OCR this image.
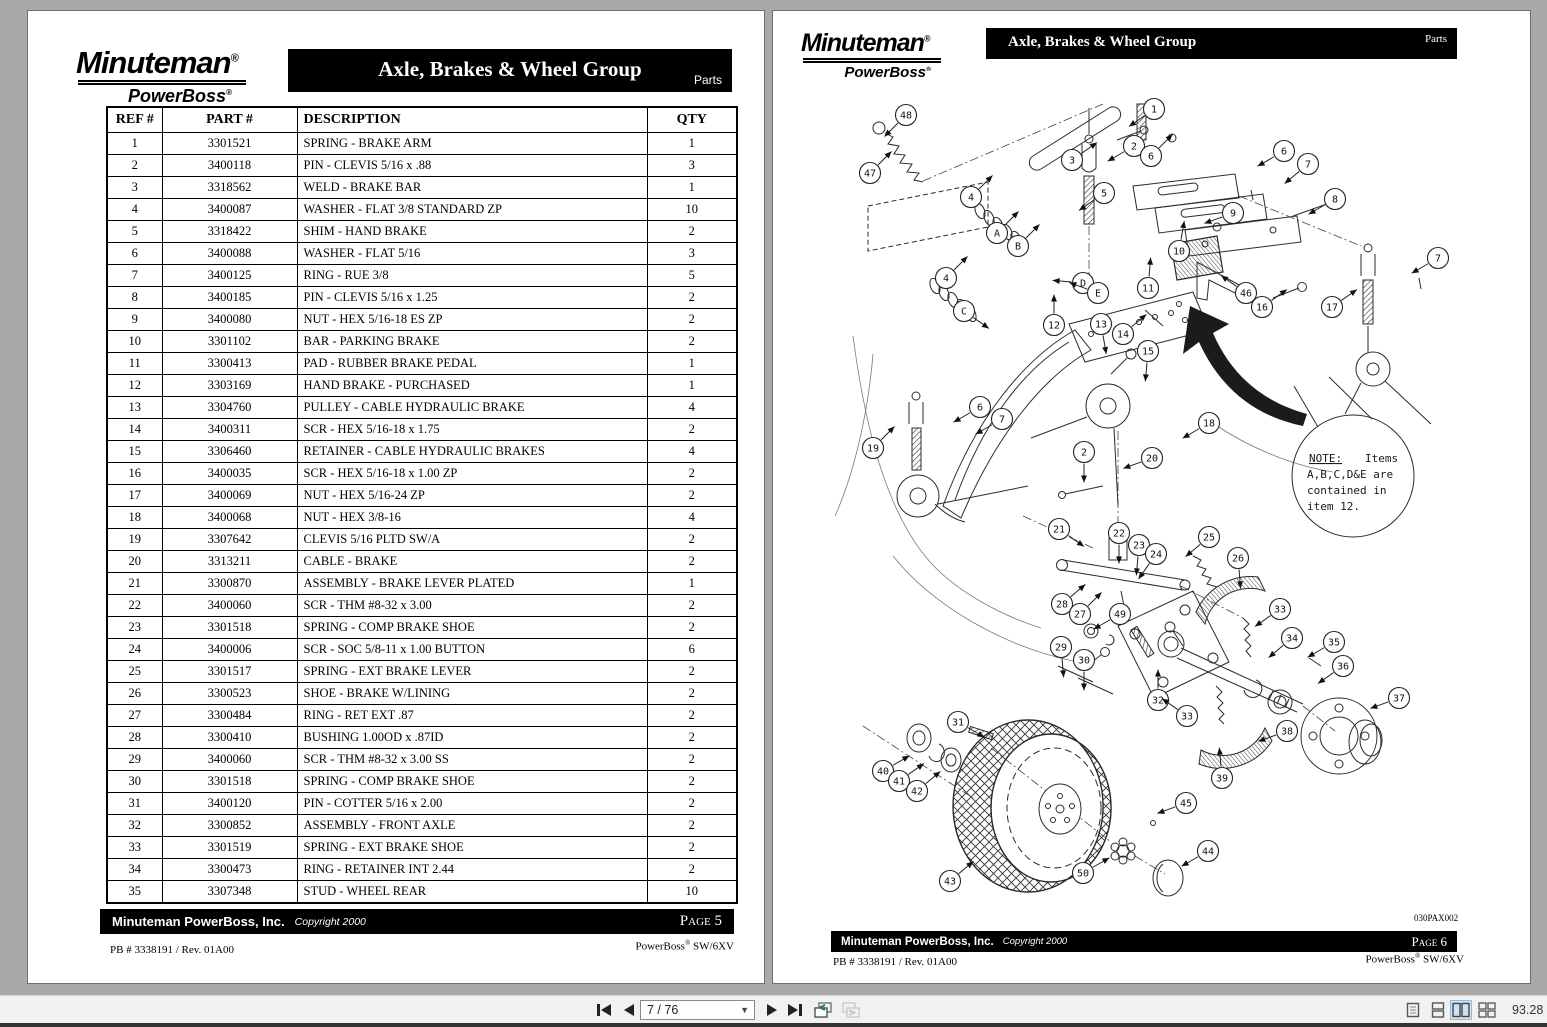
Minuteman®
PowerBoss®
Axle, Brakes & Wheel Group	Parts
REF #	PART #	DESCRIPTION	QTY
1	3301521	SPRING - BRAKE ARM	1
2	3400118	PIN - CLEVIS 5/16 x .88	3
3	3318562	WELD - BRAKE BAR	1
4	3400087	WASHER - FLAT 3/8 STANDARD ZP	10
5	3318422	SHIM - HAND BRAKE	2
6	3400088	WASHER - FLAT 5/16	3
7	3400125	RING - RUE 3/8	5
8	3400185	PIN - CLEVIS 5/16 x 1.25	2
9	3400080	NUT - HEX 5/16-18 ES ZP	2
10	3301102	BAR - PARKING BRAKE	2
11	3300413	PAD - RUBBER BRAKE PEDAL	1
12	3303169	HAND BRAKE - PURCHASED	1
13	3304760	PULLEY - CABLE HYDRAULIC BRAKE	4
14	3400311	SCR - HEX 5/16-18 x 1.75	2
15	3306460	RETAINER - CABLE HYDRAULIC BRAKES	4
16	3400035	SCR - HEX 5/16-18 x 1.00 ZP	2
17	3400069	NUT - HEX 5/16-24 ZP	2
18	3400068	NUT - HEX 3/8-16	4
19	3307642	CLEVIS 5/16 PLTD SW/A	2
20	3313211	CABLE - BRAKE	2
21	3300870	ASSEMBLY - BRAKE LEVER PLATED	1
22	3400060	SCR - THM #8-32 x 3.00	2
23	3301518	SPRING - COMP BRAKE SHOE	2
24	3400006	SCR - SOC 5/8-11 x 1.00 BUTTON	6
25	3301517	SPRING - EXT BRAKE LEVER	2
26	3300523	SHOE - BRAKE W/LINING	2
27	3300484	RING - RET EXT .87	2
28	3300410	BUSHING 1.00OD x .87ID	2
29	3400060	SCR - THM #8-32 x 3.00 SS	2
30	3301518	SPRING - COMP BRAKE SHOE	2
31	3400120	PIN - COTTER 5/16 x 2.00	2
32	3300852	ASSEMBLY - FRONT AXLE	2
33	3301519	SPRING - EXT BRAKE SHOE	2
34	3300473	RING - RETAINER INT 2.44	2
35	3307348	STUD - WHEEL REAR	10
Minuteman PowerBoss, Inc. Copyright 2000	Page 5
PB # 3338191 / Rev. 01A00	PowerBoss® SW/6XV
Minuteman®
PowerBoss®
Axle, Brakes & Wheel Group	Parts
NOTE: Items
A,B,C,D&E are
contained in
item 12.
48
47
4
3
1
2
6
5
A
B
4
C
D
E
10
11
12	13
14
6
7
8
9
46
16	17
7
15
6
7
19	2
20
18
21	22
23
24
25
26
28
27	49
29
30
32
33
33
34	35
36
37
38
39
31
40
41
42
43
50
44
45
030PAX002
Minuteman PowerBoss, Inc. Copyright 2000	Page 6
PB # 3338191 / Rev. 01A00	PowerBoss® SW/6XV
7 / 76	▼	93.28
